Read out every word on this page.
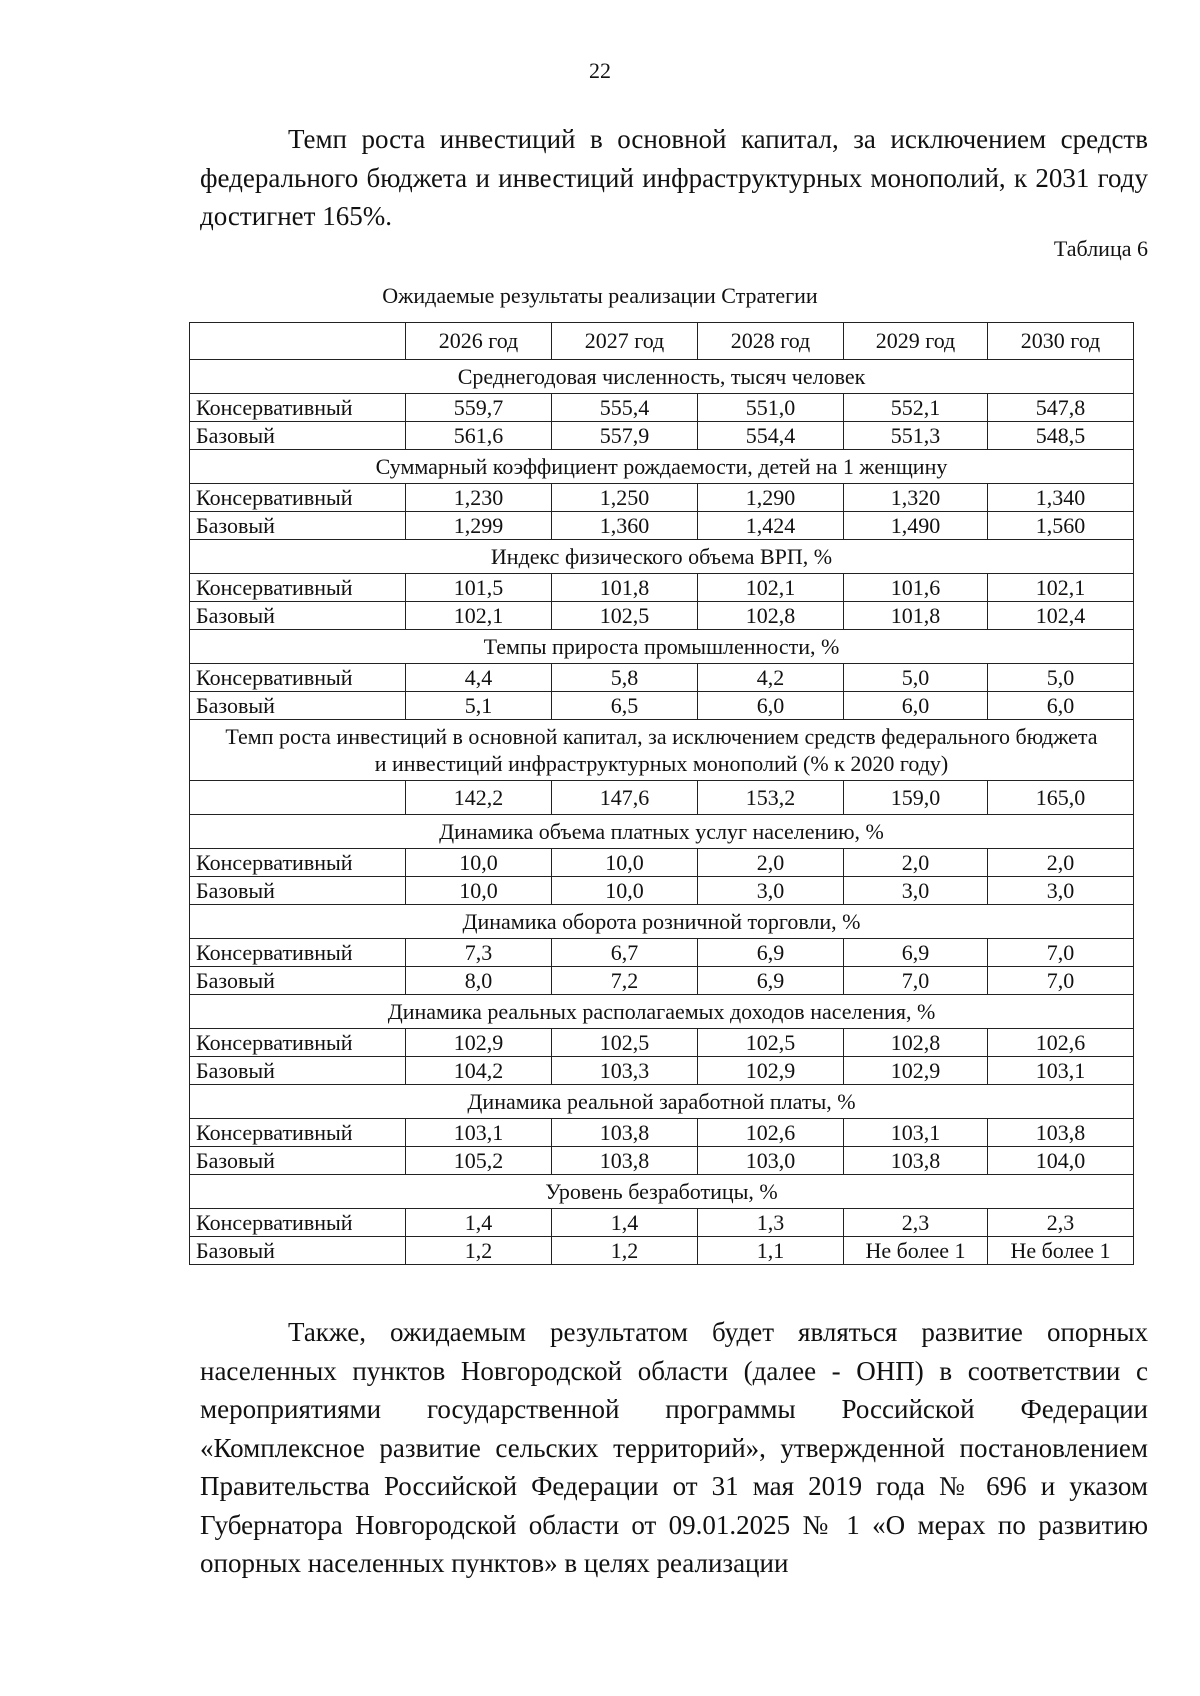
22

Темп роста инвестиций в основной капитал, за исключением средств федерального бюджета и инвестиций инфраструктурных монополий, к 2031 году достигнет 165%.

Таблица 6
Ожидаемые результаты реализации Стратегии
	2026 год	2027 год	2028 год	2029 год	2030 год
Среднегодовая численность, тысяч человек					
Консервативный	559,7	555,4	551,0	552,1	547,8
Базовый	561,6	557,9	554,4	551,3	548,5
Суммарный коэффициент рождаемости, детей на 1 женщину					
Консервативный	1,230	1,250	1,290	1,320	1,340
Базовый	1,299	1,360	1,424	1,490	1,560
Индекс физического объема ВРП, %					
Консервативный	101,5	101,8	102,1	101,6	102,1
Базовый	102,1	102,5	102,8	101,8	102,4
Темпы прироста промышленности, %					
Консервативный	4,4	5,8	4,2	5,0	5,0
Базовый	5,1	6,5	6,0	6,0	6,0
Темп роста инвестиций в основной капитал, за исключением средств федерального бюджета и инвестиций инфраструктурных монополий (% к 2020 году)					
	142,2	147,6	153,2	159,0	165,0
Динамика объема платных услуг населению, %					
Консервативный	10,0	10,0	2,0	2,0	2,0
Базовый	10,0	10,0	3,0	3,0	3,0
Динамика оборота розничной торговли, %					
Консервативный	7,3	6,7	6,9	6,9	7,0
Базовый	8,0	7,2	6,9	7,0	7,0
Динамика реальных располагаемых доходов населения, %					
Консервативный	102,9	102,5	102,5	102,8	102,6
Базовый	104,2	103,3	102,9	102,9	103,1
Динамика реальной заработной платы, %					
Консервативный	103,1	103,8	102,6	103,1	103,8
Базовый	105,2	103,8	103,0	103,8	104,0
Уровень безработицы, %					
Консервативный	1,4	1,4	1,3	2,3	2,3
Базовый	1,2	1,2	1,1	Не более 1	Не более 1

Также, ожидаемым результатом будет являться развитие опорных населенных пунктов Новгородской области (далее - ОНП) в соответствии с мероприятиями государственной программы Российской Федерации «Комплексное развитие сельских территорий», утвержденной постановлением Правительства Российской Федерации от 31 мая 2019 года № 696 и указом Губернатора Новгородской области от 09.01.2025 № 1 «О мерах по развитию опорных населенных пунктов» в целях реализации
